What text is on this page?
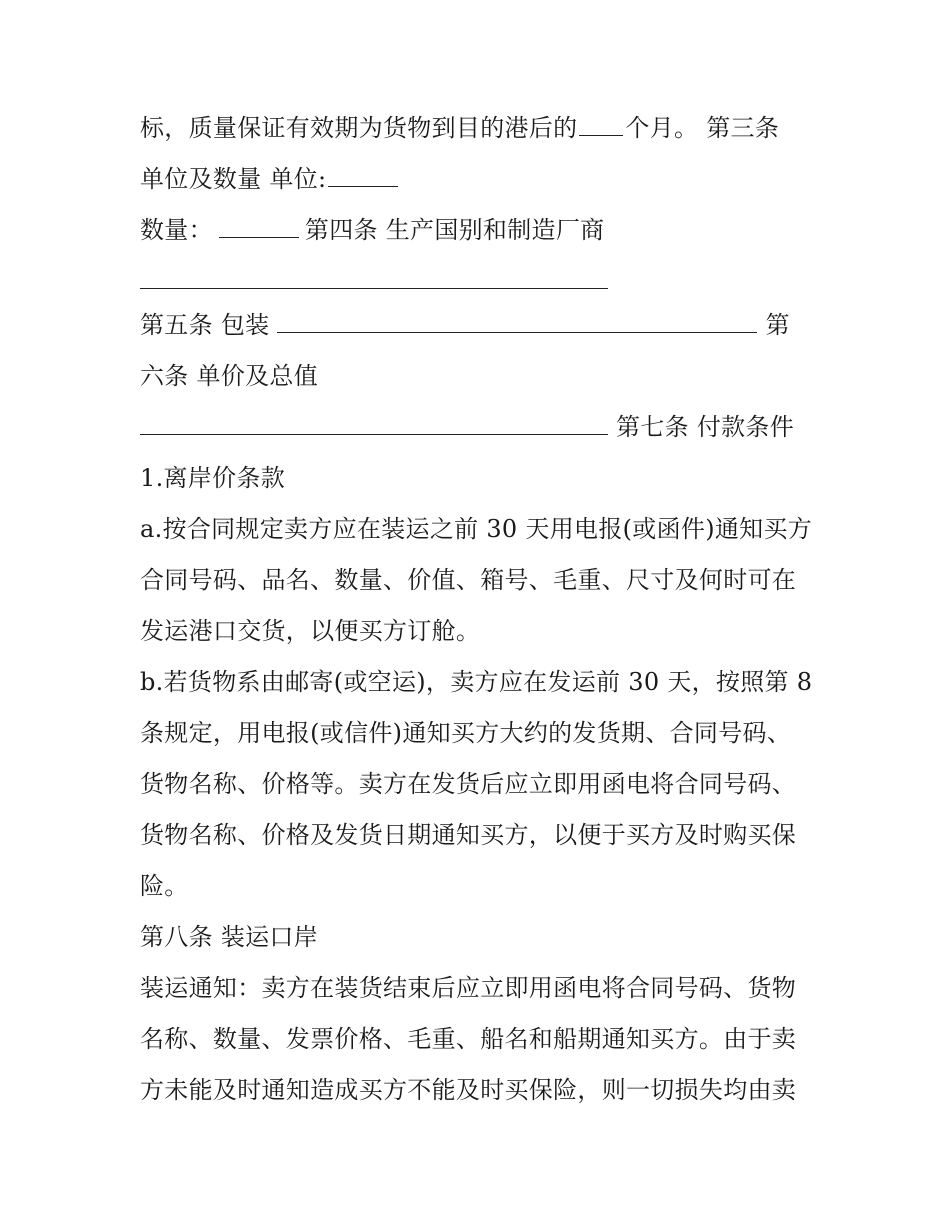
标，质量保证有效期为货物到目的港后的 个月。 第三条
单位及数量 单位:
数量：	第四条 生产国别和制造厂商
第五条 包装	第
六条 单价及总值
第七条 付款条件
1.离岸价条款
a.按合同规定卖方应在装运之前 30 天用电报(或函件)通知买方
合同号码、品名、数量、价值、箱号、毛重、尺寸及何时可在
发运港口交货，以便买方订舱。
b.若货物系由邮寄(或空运)，卖方应在发运前 30 天，按照第 8
条规定，用电报(或信件)通知买方大约的发货期、合同号码、
货物名称、价格等。卖方在发货后应立即用函电将合同号码、
货物名称、价格及发货日期通知买方，以便于买方及时购买保
险。
第八条 装运口岸
装运通知：卖方在装货结束后应立即用函电将合同号码、货物
名称、数量、发票价格、毛重、船名和船期通知买方。由于卖
方未能及时通知造成买方不能及时买保险，则一切损失均由卖
